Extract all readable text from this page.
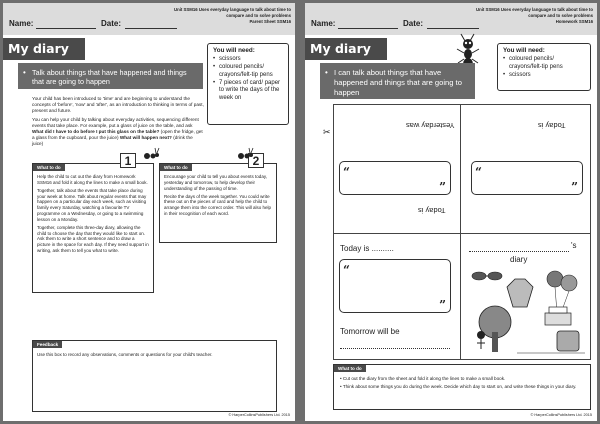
Name:	Date:
Unit SSM16 Uses everyday language to talk about time to compare and to solve problems
Parent Sheet SSM16
My diary
• Talk about things that have happened and things that are going to happen
You will need:
• scissors
• coloured pencils/ crayons/felt-tip pens
• 7 pieces of card/ paper to write the days of the week on

Your child has been introduced to 'time' and are beginning to understand the concepts of 'before', 'now' and 'after', as an introduction to thinking in terms of past, present and future.

You can help your child by talking about everyday activities, sequencing different events that take place. For example, put a glass of juice on the table, and ask What did I have to do before I put this glass on the table? (open the fridge, get a glass from the cupboard, pour the juice) What will happen next? (drink the juice)

What to do

Help the child to cut out the diary from Homework SSM16 and fold it along the lines to make a small book.

Together, talk about the events that take place during your week at home. Talk about regular events that may happen on a particular day each week, such as visiting family every Saturday, watching a favourite TV programme on a Wednesday, or going to a swimming lesson on a Monday.

Together, complete this three-day diary, allowing the child to choose the day that they would like to start on. Ask them to write a short sentence and to draw a picture in the space for each day. If they need support in writing, ask them to tell you what to write.

1	What to do

Encourage your child to tell you about events today, yesterday and tomorrow, to help develop their understanding of the passing of time.

Recite the days of the week together. You could write these out on the pieces of card and help the child to arrange them into the correct order. This will also help in their recognition of each word.

2
Feedback
Use this box to record any observations, comments or questions for your child's teacher.
© HarperCollinsPublishers Ltd. 2015
Name:	Date:
Unit SSM16 Uses everyday language to talk about time to compare and to solve problems
Homework SSM16
My diary
• I can talk about things that have happened and things that are going to happen
You will need:
• coloured pencils/ crayons/felt-tip pens
• scissors
✂
Yesterday was	Today is
Today is
“
”
“
”
Today is ..........
“
”
Tomorrow will be
's
diary
What to do

• Cut out the diary from the sheet and fold it along the lines to make a small book.

• Think about some things you do during the week. Decide which day to start on, and write these things in your diary.

© HarperCollinsPublishers Ltd. 2015
